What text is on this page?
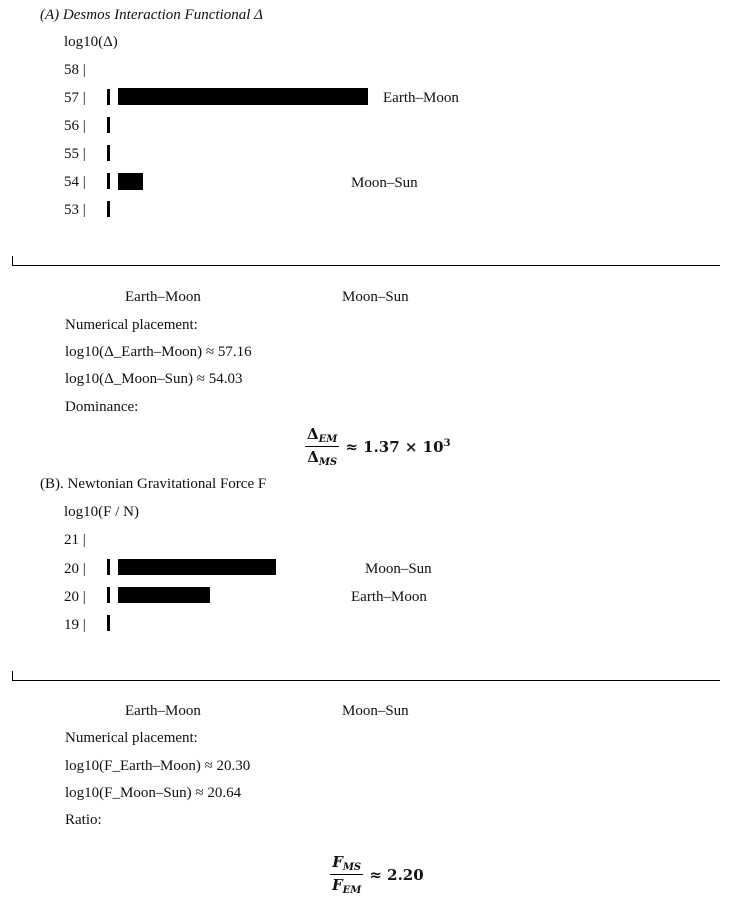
(A) Desmos Interaction Functional Δ
log10(Δ)
58 |
57 |
56 |
55 |
54 |
53 |
Earth–Moon
Moon–Sun
Earth–Moon	Moon–Sun
Numerical placement:
log10(Δ_Earth–Moon) ≈ 57.16
log10(Δ_Moon–Sun) ≈ 54.03
Dominance:
$\frac{\Delta_{EM}}{\Delta_{MS}} \approx 1.37 \times 10^3$
(B). Newtonian Gravitational Force F
log10(F / N)
21 |
20 |
20 |
19 |
Moon–Sun
Earth–Moon
Earth–Moon	Moon–Sun
Numerical placement:
log10(F_Earth–Moon) ≈ 20.30
log10(F_Moon–Sun) ≈ 20.64
Ratio:
$\frac{F_{MS}}{F_{EM}} \approx 2.20$
